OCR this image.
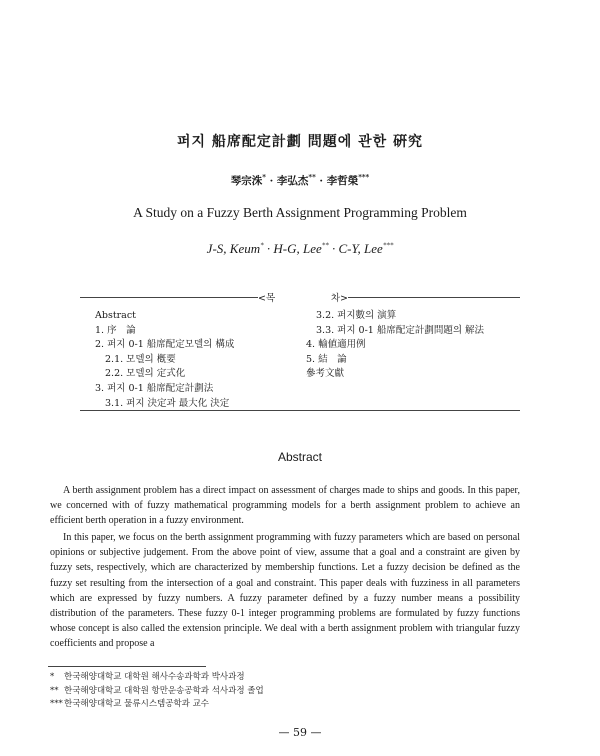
퍼지 船席配定計劃 問題에 관한 硏究
琴宗洙* · 李弘杰** · 李哲榮***
A Study on a Fuzzy Berth Assignment Programming Problem
J-S, Keum* · H-G, Lee** · C-Y, Lee***
<목	차>
Abstract
1. 序　論
2. 퍼지 0-1 船席配定모델의 構成
2.1. 모델의 槪要
2.2. 모델의 定式化
3. 퍼지 0-1 船席配定計劃法
3.1. 퍼지 決定과 最大化 決定
3.2. 퍼지數의 演算
3.3. 퍼지 0-1 船席配定計劃問題의 解法
4. 輸値適用例
5. 結　論
參考文獻
Abstract
A berth assignment problem has a direct impact on assessment of charges made to ships and goods. In this paper, we concerned with of fuzzy mathematical programming models for a berth assignment problem to achieve an efficient berth operation in a fuzzy environment.
In this paper, we focus on the berth assignment programming with fuzzy parameters which are based on personal opinions or subjective judgement. From the above point of view, assume that a goal and a constraint are given by fuzzy sets, respectively, which are characterized by membership functions. Let a fuzzy decision be defined as the fuzzy set resulting from the intersection of a goal and constraint. This paper deals with fuzziness in all parameters which are expressed by fuzzy numbers. A fuzzy parameter defined by a fuzzy number means a possibility distribution of the parameters. These fuzzy 0-1 integer programming problems are formulated by fuzzy functions whose concept is also called the extension principle. We deal with a berth assignment problem with triangular fuzzy coefficients and propose a
* 한국해양대학교 대학원 해사수송과학과 박사과정
** 한국해양대학교 대학원 항만운송공학과 석사과정 졸업
***한국해양대학교 물류시스템공학과 교수
— 59 —
